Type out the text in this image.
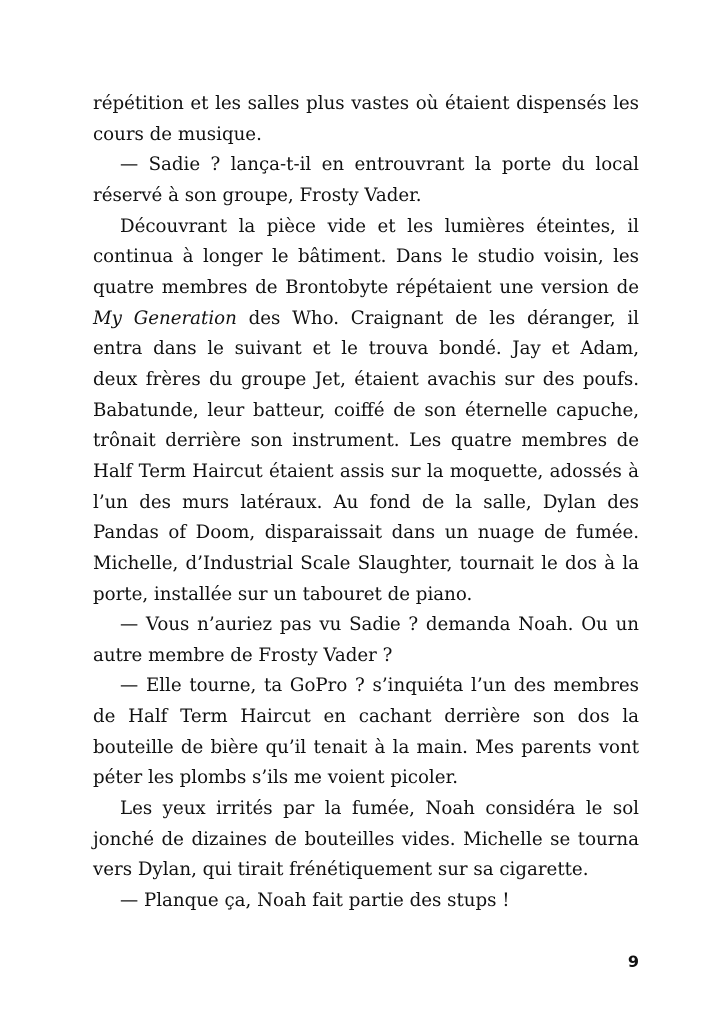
répétition et les salles plus vastes où étaient dispensés les cours de musique.

— Sadie ? lança-t-il en entrouvrant la porte du local réservé à son groupe, Frosty Vader.

Découvrant la pièce vide et les lumières éteintes, il continua à longer le bâtiment. Dans le studio voisin, les quatre membres de Brontobyte répétaient une version de My Generation des Who. Craignant de les déranger, il entra dans le suivant et le trouva bondé. Jay et Adam, deux frères du groupe Jet, étaient avachis sur des poufs. Babatunde, leur batteur, coiffé de son éternelle capuche, trônait derrière son instrument. Les quatre membres de Half Term Haircut étaient assis sur la moquette, adossés à l’un des murs latéraux. Au fond de la salle, Dylan des Pandas of Doom, disparaissait dans un nuage de fumée. Michelle, d’Industrial Scale Slaughter, tournait le dos à la porte, installée sur un tabouret de piano.

— Vous n’auriez pas vu Sadie ? demanda Noah. Ou un autre membre de Frosty Vader ?

— Elle tourne, ta GoPro ? s’inquiéta l’un des membres de Half Term Haircut en cachant derrière son dos la bouteille de bière qu’il tenait à la main. Mes parents vont péter les plombs s’ils me voient picoler.

Les yeux irrités par la fumée, Noah considéra le sol jonché de dizaines de bouteilles vides. Michelle se tourna vers Dylan, qui tirait frénétiquement sur sa cigarette.

— Planque ça, Noah fait partie des stups !

9
